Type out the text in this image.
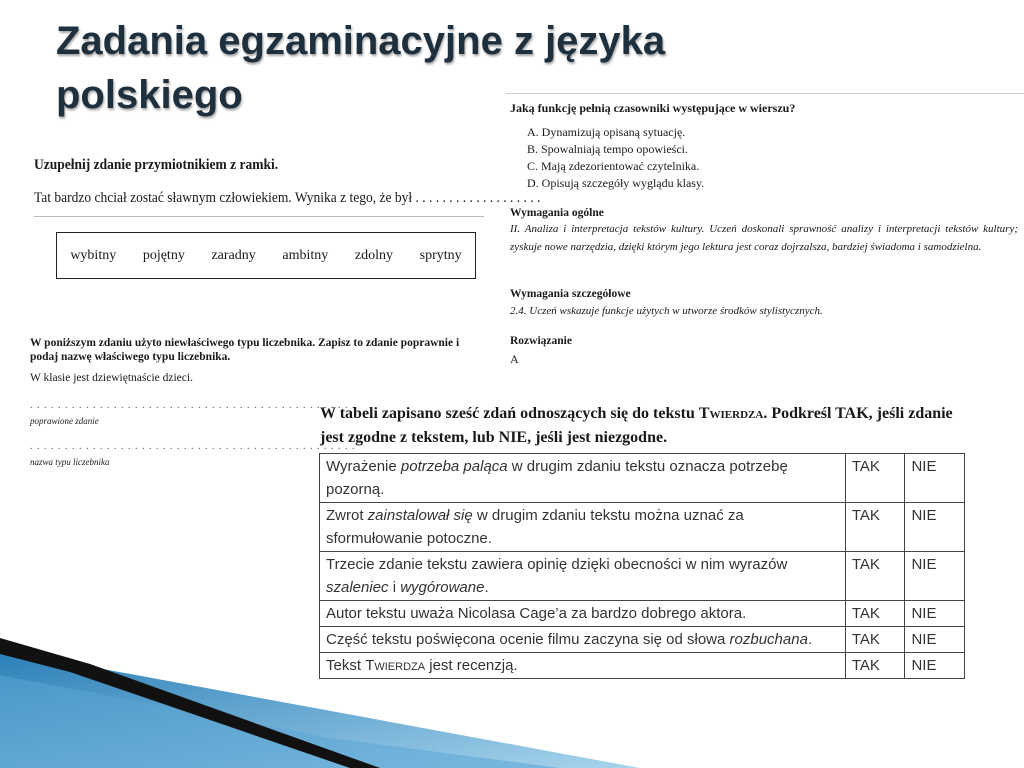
Zadania egzaminacyjne z języka polskiego
Uzupełnij zdanie przymiotnikiem z ramki.
Tat bardzo chciał zostać sławnym człowiekiem. Wynika z tego, że był . . . . . . . . . . . . . . . . . . .
wybitny pojętny zaradny ambitny zdolny sprytny
W poniższym zdaniu użyto niewłaściwego typu liczebnika. Zapisz to zdanie poprawnie i podaj nazwę właściwego typu liczebnika.
W klasie jest dziewiętnaście dzieci.
. . . . . . . . . . . . . . . . . . . . . . . . . . . . . . . . . . . . . . . . . . . . . . .
poprawione zdanie
. . . . . . . . . . . . . . . . . . . . . . . . . . . . . . . . . . . . . . . . . . . . . . .
nazwa typu liczebnika
Jaką funkcję pełnią czasowniki występujące w wierszu?
A. Dynamizują opisaną sytuację.
B. Spowalniają tempo opowieści.
C. Mają zdezorientować czytelnika.
D. Opisują szczegóły wyglądu klasy.
Wymagania ogólne
II. Analiza i interpretacja tekstów kultury. Uczeń doskonali sprawność analizy i interpretacji tekstów kultury; zyskuje nowe narzędzia, dzięki którym jego lektura jest coraz dojrzalsza, bardziej świadoma i samodzielna.
Wymagania szczegółowe
2.4. Uczeń wskazuje funkcje użytych w utworze środków stylistycznych.
Rozwiązanie
A
W tabeli zapisano sześć zdań odnoszących się do tekstu Twierdza. Podkreśl TAK, jeśli zdanie jest zgodne z tekstem, lub NIE, jeśli jest niezgodne.
Wyrażenie potrzeba paląca w drugim zdaniu tekstu oznacza potrzebę pozorną.	TAK	NIE
Zwrot zainstalował się w drugim zdaniu tekstu można uznać za sformułowanie potoczne.	TAK	NIE
Trzecie zdanie tekstu zawiera opinię dzięki obecności w nim wyrazów szaleniec i wygórowane.	TAK	NIE
Autor tekstu uważa Nicolasa Cage’a za bardzo dobrego aktora.	TAK	NIE
Część tekstu poświęcona ocenie filmu zaczyna się od słowa rozbuchana.	TAK	NIE
Tekst Twierdza jest recenzją.	TAK	NIE
